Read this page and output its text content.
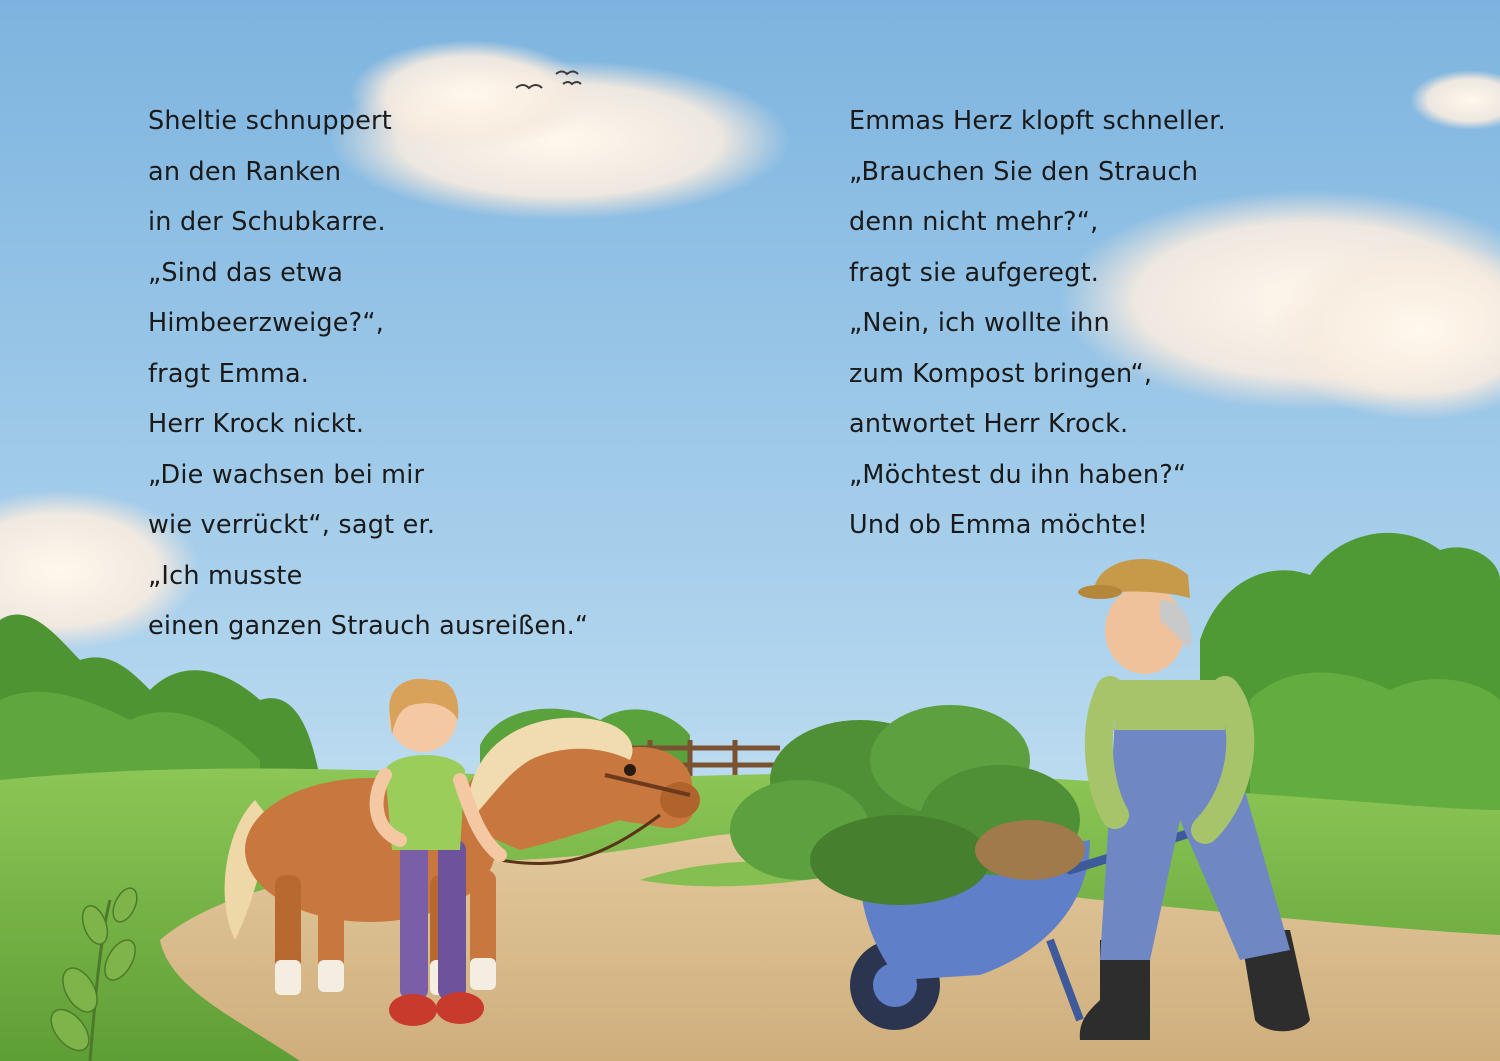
Sheltie schnuppert
an den Ranken
in der Schubkarre.
„Sind das etwa
Himbeerzweige?“,
fragt Emma.
Herr Krock nickt.
„Die wachsen bei mir
wie verrückt“, sagt er.
„Ich musste
einen ganzen Strauch ausreißen.“
Emmas Herz klopft schneller.
„Brauchen Sie den Strauch
denn nicht mehr?“,
fragt sie aufgeregt.
„Nein, ich wollte ihn
zum Kompost bringen“,
antwortet Herr Krock.
„Möchtest du ihn haben?“
Und ob Emma möchte!
